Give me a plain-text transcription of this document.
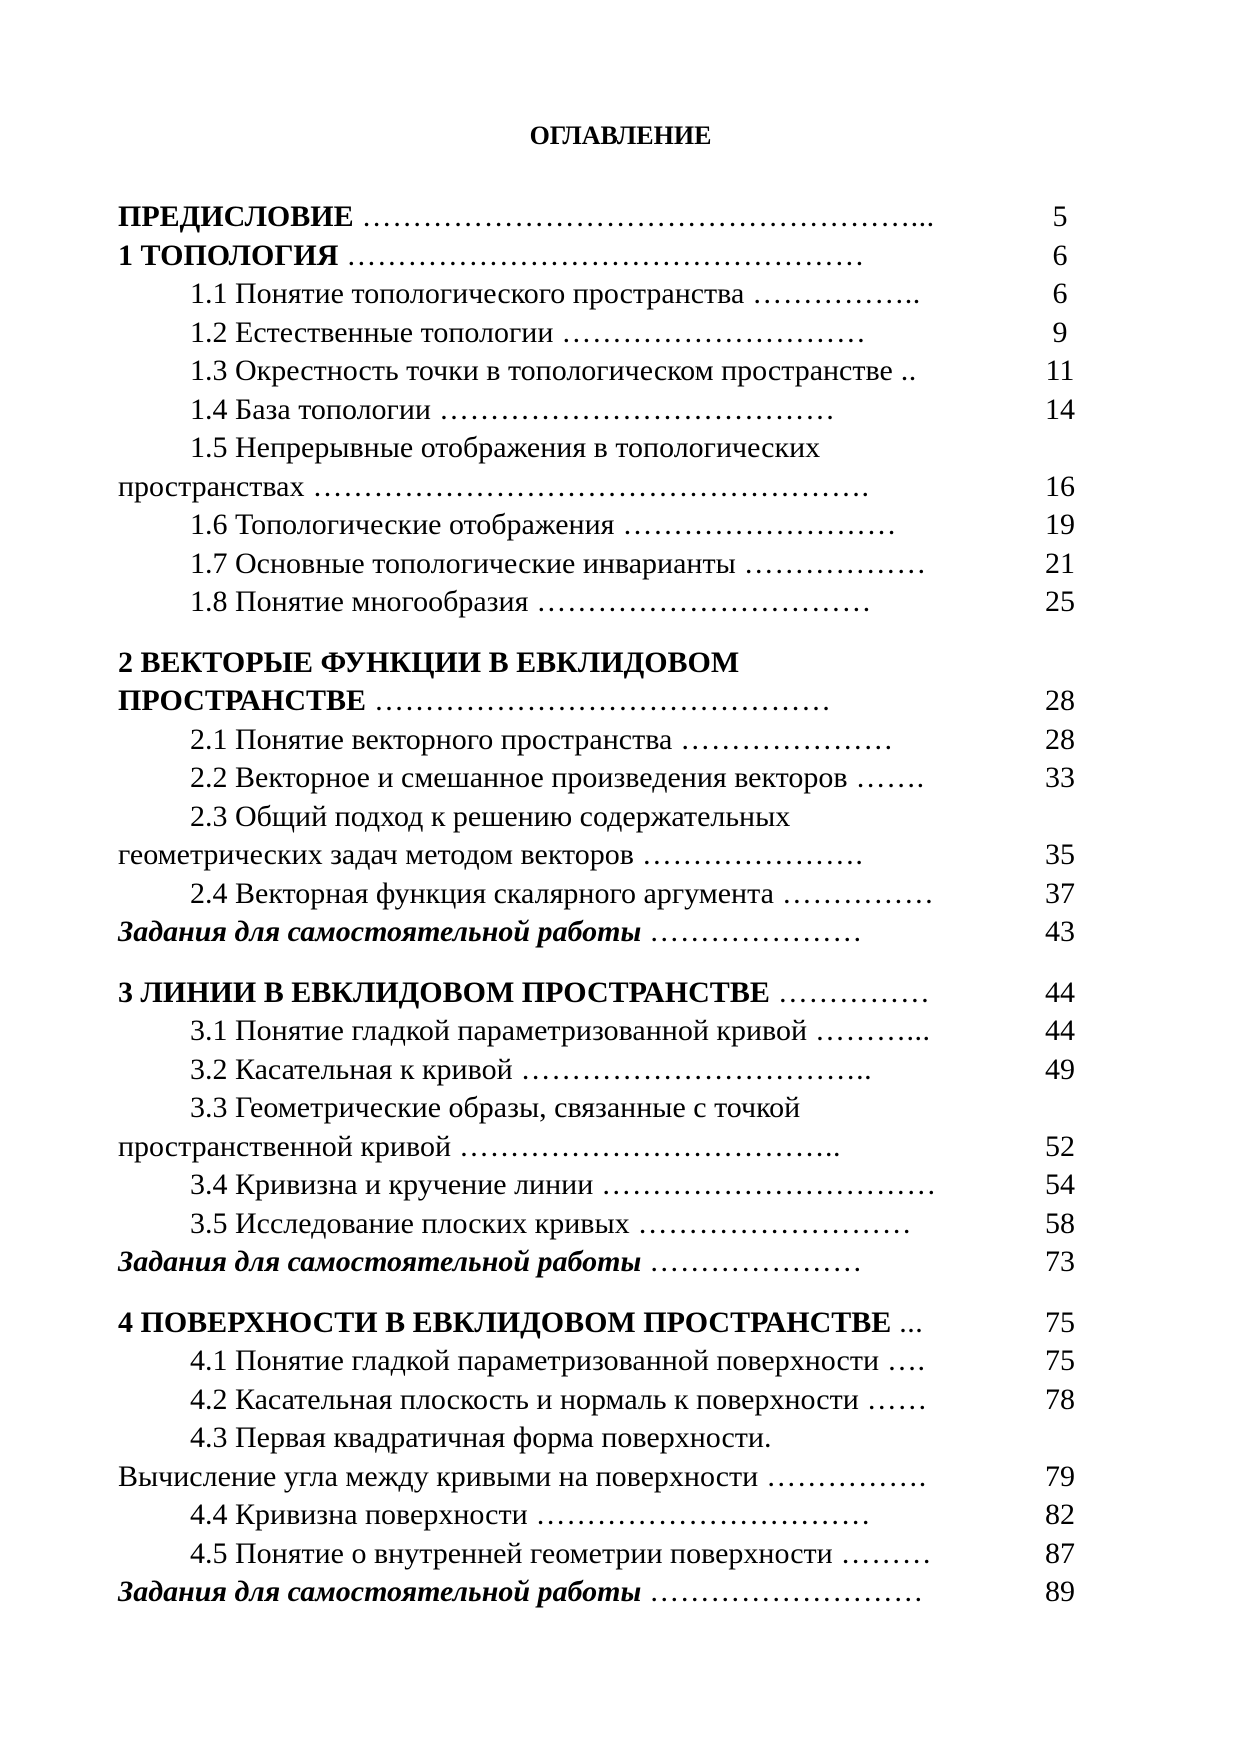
ОГЛАВЛЕНИЕ
ПРЕДИСЛОВИЕ ………………………………………………...	5
1 ТОПОЛОГИЯ ……………………………………………	6
1.1 Понятие топологического пространства ……………..	6
1.2 Естественные топологии …………………………	9
1.3 Окрестность точки в топологическом пространстве ..	11
1.4 База топологии …………………………………	14
1.5 Непрерывные отображения в топологических
пространствах ……………………………………………….	16
1.6 Топологические отображения ………………………	19
1.7 Основные топологические инварианты ………………	21
1.8 Понятие многообразия ……………………………	25
2 ВЕКТОРЫЕ ФУНКЦИИ В ЕВКЛИДОВОМ
ПРОСТРАНСТВЕ ………………………………………	28
2.1 Понятие векторного пространства …………………	28
2.2 Векторное и смешанное произведения векторов …….	33
2.3 Общий подход к решению содержательных
геометрических задач методом векторов ………………….	35
2.4 Векторная функция скалярного аргумента ……………	37
Задания для самостоятельной работы …………………	43
3 ЛИНИИ В ЕВКЛИДОВОМ ПРОСТРАНСТВЕ ……………	44
3.1 Понятие гладкой параметризованной кривой ………...	44
3.2 Касательная к кривой ……………………………..	49
3.3 Геометрические образы, связанные с точкой
пространственной кривой ………………………………..	52
3.4 Кривизна и кручение линии ……………………………	54
3.5 Исследование плоских кривых ………………………	58
Задания для самостоятельной работы …………………	73
4 ПОВЕРХНОСТИ В ЕВКЛИДОВОМ ПРОСТРАНСТВЕ ...	75
4.1 Понятие гладкой параметризованной поверхности ….	75
4.2 Касательная плоскость и нормаль к поверхности ……	78
4.3 Первая квадратичная форма поверхности.
Вычисление угла между кривыми на поверхности …………….	79
4.4 Кривизна поверхности ……………………………	82
4.5 Понятие о внутренней геометрии поверхности ………	87
Задания для самостоятельной работы ………………………	89
